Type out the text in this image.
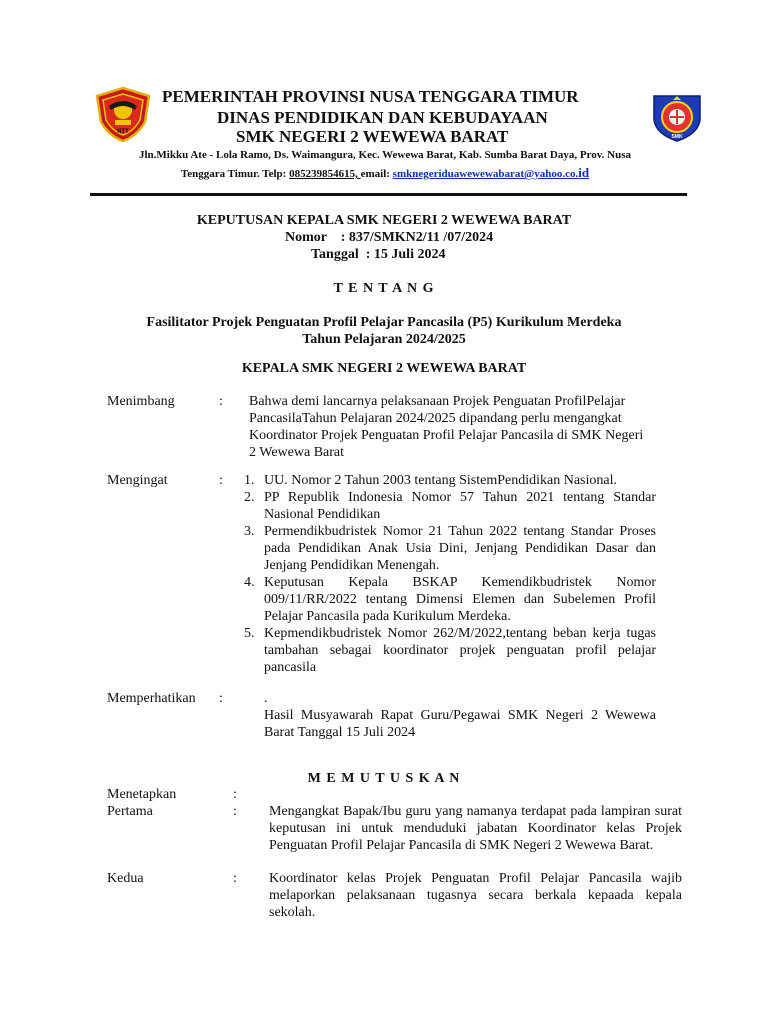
NTT
SMK
PEMERINTAH PROVINSI NUSA TENGGARA TIMUR
DINAS PENDIDIKAN DAN KEBUDAYAAN
SMK NEGERI 2 WEWEWA BARAT
Jln.Mikku Ate - Lola Ramo, Ds. Waimangura, Kec. Wewewa Barat, Kab. Sumba Barat Daya, Prov. Nusa
Tenggara Timur. Telp: 085239854615, email: smknegeriduawewewabarat@yahoo.co.id
KEPUTUSAN KEPALA SMK NEGERI 2 WEWEWA BARAT
Nomor    : 837/SMKN2/11 /07/2024
Tanggal  : 15 Juli 2024
T E N T A N G
Fasilitator Projek Penguatan Profil Pelajar Pancasila (P5) Kurikulum Merdeka
Tahun Pelajaran 2024/2025
KEPALA SMK NEGERI 2 WEWEWA BARAT
Menimbang	: Bahwa demi lancarnya pelaksanaan Projek Penguatan ProfilPelajar PancasilaTahun Pelajaran 2024/2025 dipandang perlu mengangkat Koordinator Projek Penguatan Profil Pelajar Pancasila di SMK Negeri 2 Wewewa Barat
Mengingat	: 1. UU. Nomor 2 Tahun 2003 tentang SistemPendidikan Nasional.
2. PP Republik Indonesia Nomor 57 Tahun 2021 tentang Standar Nasional Pendidikan
3. Permendikbudristek Nomor 21 Tahun 2022 tentang Standar Proses pada Pendidikan Anak Usia Dini, Jenjang Pendidikan Dasar dan Jenjang Pendidikan Menengah.
4. Keputusan Kepala BSKAP Kemendikbudristek Nomor 009/11/RR/2022 tentang Dimensi Elemen dan Subelemen Profil Pelajar Pancasila pada Kurikulum Merdeka.
5. Kepmendikbudristek Nomor 262/M/2022,tentang beban kerja tugas tambahan sebagai koordinator projek penguatan profil pelajar pancasila
Memperhatikan :	.
Hasil Musyawarah Rapat Guru/Pegawai SMK Negeri 2 Wewewa Barat Tanggal 15 Juli 2024
M E M U T U S K A N
Menetapkan	:
Pertama	: Mengangkat Bapak/Ibu guru yang namanya terdapat pada lampiran surat keputusan ini untuk menduduki jabatan Koordinator kelas Projek Penguatan Profil Pelajar Pancasila di SMK Negeri 2 Wewewa Barat.
Kedua	: Koordinator kelas Projek Penguatan Profil Pelajar Pancasila wajib melaporkan pelaksanaan tugasnya secara berkala kepaada kepala sekolah.
